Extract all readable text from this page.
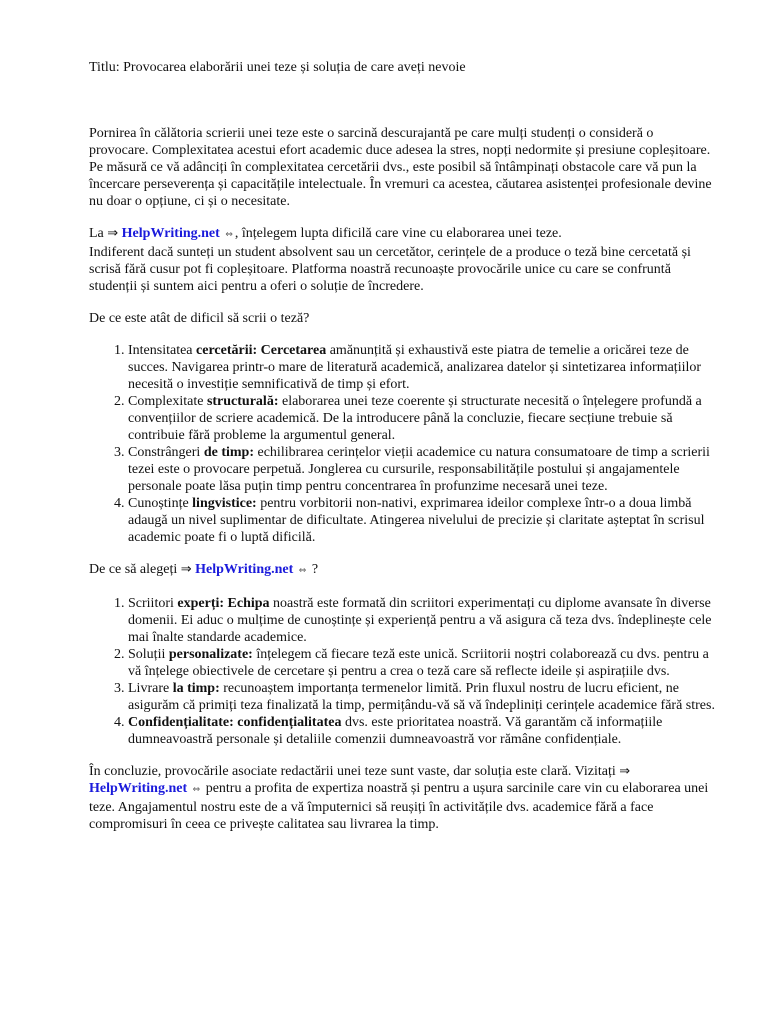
Titlu: Provocarea elaborării unei teze și soluția de care aveți nevoie

Pornirea în călătoria scrierii unei teze este o sarcină descurajantă pe care mulți studenți o consideră o provocare. Complexitatea acestui efort academic duce adesea la stres, nopți nedormite și presiune copleșitoare. Pe măsură ce vă adânciți în complexitatea cercetării dvs., este posibil să întâmpinați obstacole care vă pun la încercare perseverența și capacitățile intelectuale. În vremuri ca acestea, căutarea asistenței profesionale devine nu doar o opțiune, ci și o necesitate.

La ⇒ HelpWriting.net ⇔ , înțelegem lupta dificilă care vine cu elaborarea unei teze.
Indiferent dacă sunteți un student absolvent sau un cercetător, cerințele de a produce o teză bine cercetată și scrisă fără cusur pot fi copleșitoare. Platforma noastră recunoaște provocările unice cu care se confruntă studenții și suntem aici pentru a oferi o soluție de încredere.

De ce este atât de dificil să scrii o teză?

1. Intensitatea cercetării: Cercetarea amănunțită și exhaustivă este piatra de temelie a oricărei teze de succes. Navigarea printr-o mare de literatură academică, analizarea datelor și sintetizarea informațiilor necesită o investiție semnificativă de timp și efort.
2. Complexitate structurală: elaborarea unei teze coerente și structurate necesită o înțelegere profundă a convențiilor de scriere academică. De la introducere până la concluzie, fiecare secțiune trebuie să contribuie fără probleme la argumentul general.
3. Constrângeri de timp: echilibrarea cerințelor vieții academice cu natura consumatoare de timp a scrierii tezei este o provocare perpetuă. Jonglerea cu cursurile, responsabilitățile postului și angajamentele personale poate lăsa puțin timp pentru concentrarea în profunzime necesară unei teze.
4. Cunoștințe lingvistice: pentru vorbitorii non-nativi, exprimarea ideilor complexe într-o a doua limbă adaugă un nivel suplimentar de dificultate. Atingerea nivelului de precizie și claritate așteptat în scrisul academic poate fi o luptă dificilă.

De ce să alegeți ⇒ HelpWriting.net ⇔ ?

1. Scriitori experți: Echipa noastră este formată din scriitori experimentați cu diplome avansate în diverse domenii. Ei aduc o mulțime de cunoștințe și experiență pentru a vă asigura că teza dvs. îndeplinește cele mai înalte standarde academice.
2. Soluții personalizate: înțelegem că fiecare teză este unică. Scriitorii noștri colaborează cu dvs. pentru a vă înțelege obiectivele de cercetare și pentru a crea o teză care să reflecte ideile și aspirațiile dvs.
3. Livrare la timp: recunoaștem importanța termenelor limită. Prin fluxul nostru de lucru eficient, ne asigurăm că primiți teza finalizată la timp, permițându-vă să vă îndepliniți cerințele academice fără stres.
4. Confidențialitate: confidențialitatea dvs. este prioritatea noastră. Vă garantăm că informațiile dumneavoastră personale și detaliile comenzii dumneavoastră vor rămâne confidențiale.

În concluzie, provocările asociate redactării unei teze sunt vaste, dar soluția este clară. Vizitați ⇒
HelpWriting.net ⇔ pentru a profita de expertiza noastră și pentru a ușura sarcinile care vin cu elaborarea unei teze. Angajamentul nostru este de a vă împuternici să reușiți în activitățile dvs. academice fără a face compromisuri în ceea ce privește calitatea sau livrarea la timp.
